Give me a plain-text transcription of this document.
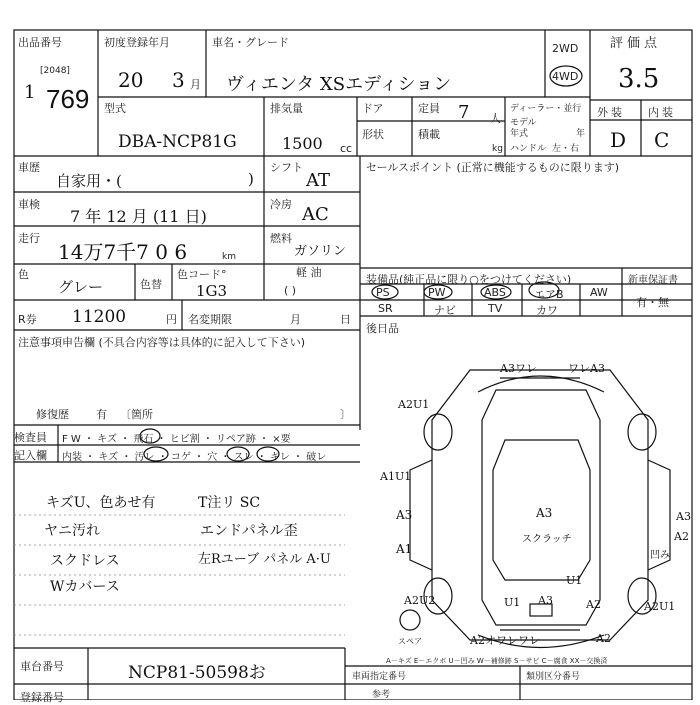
出品番号
[2048]
1 769
初度登録年月
20 3 月
車名・グレード
ヴィエンタ XSエディション
2WD
4WD
評価点
3.5
外装 内装
D C
型式
DBA-NCP81G
排気量
1500 cc
ドア	定員 7 人
形状	積載
kg
ディーラー・並行
モデル
年式	年
ハンドル 左・右
車歴
自家用・(	)
シフト
AT
車検
7 年 12 月 (11 日)
冷房 AC
走行
14万7千7 0 6	km
燃料
ガソリン
軽 油
( )
色
グレー	色替
色コード°
1G3
セールスポイント (正常に機能するものに限ります)
装備品(純正品に限り○をつけてください)	新車保証書
有・無
PS	PW	ABS	エアB AW
SR	ナビ	TV	カワ
後日品
R券 11200	円 名変期限	月	日
注意事項申告欄 (不具合内容等は具体的に記入して下さい)
修復歴 有 〔箇所	〕
検査員
記入欄
F W ・ キズ ・ 飛石 ・ ヒビ割 ・ リペア跡 ・ ×要
内装 ・ キズ ・ 汚レ ・ コゲ ・ 穴 ・ スレ ・ キレ ・ 破レ
キズU、色あせ有
ヤニ汚れ
スクドレス
Wカバース
T注リ SC
エンドパネル歪
左Rユーブ パネル A·U
A3ワレ	ワレA3
A2U1
A1U1
A3
A1
A2U2
A3
U1
U1 A3
A3
スクラッチ
凹み
A2
A2	A2U1
A2オワレワレ	A2
スペア
A－キズ E－エクボ U－凹み W－補修跡 S－サビ C－腐食 XX－交換済
車台番号	NCP81-50598お
登録番号
車両指定番号
参考
類別区分番号
